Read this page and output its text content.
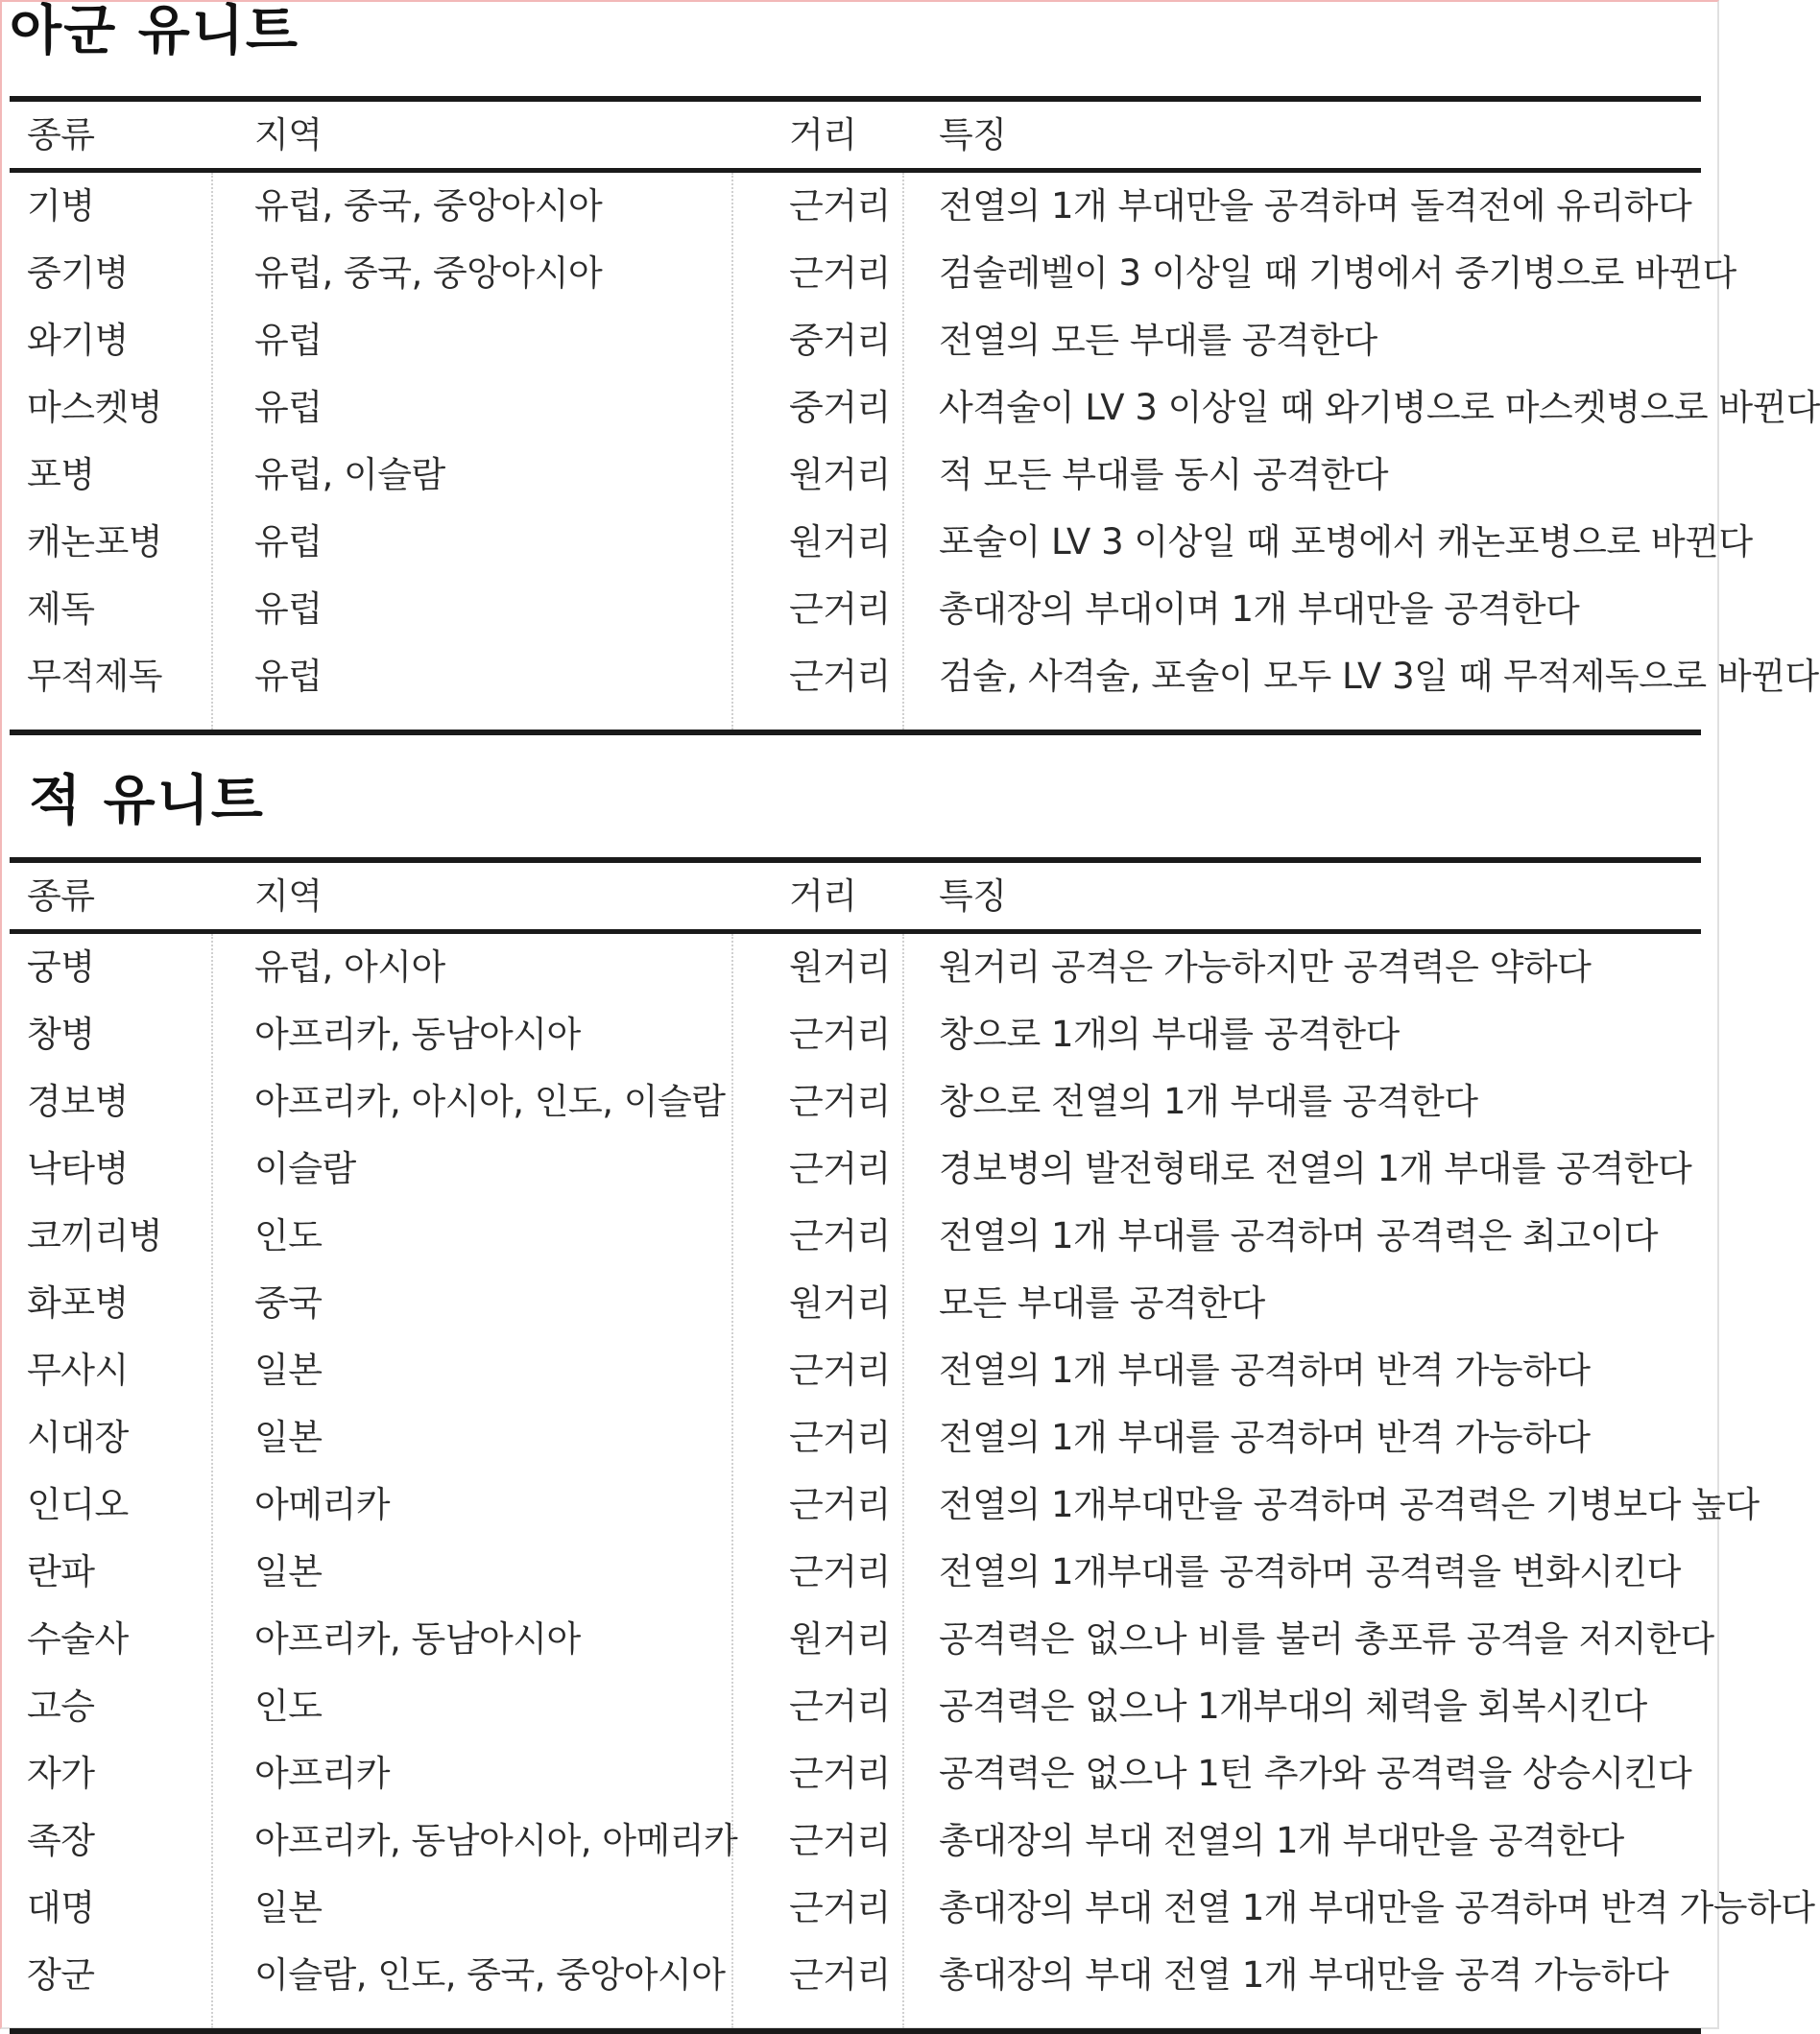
아군 유니트
종류	지역	거리 특징
기병	유럽, 중국, 중앙아시아	근거리 전열의 1개 부대만을 공격하며 돌격전에 유리하다
중기병	유럽, 중국, 중앙아시아	근거리 검술레벨이 3 이상일 때 기병에서 중기병으로 바뀐다
와기병	유럽	중거리 전열의 모든 부대를 공격한다
마스켓병	유럽	중거리 사격술이 LV 3 이상일 때 와기병으로 마스켓병으로 바뀐다
포병	유럽, 이슬람	원거리 적 모든 부대를 동시 공격한다
캐논포병	유럽	원거리 포술이 LV 3 이상일 때 포병에서 캐논포병으로 바뀐다
제독	유럽	근거리 총대장의 부대이며 1개 부대만을 공격한다
무적제독	유럽	근거리 검술, 사격술, 포술이 모두 LV 3일 때 무적제독으로 바뀐다
적 유니트
종류	지역	거리 특징
궁병	유럽, 아시아	원거리 원거리 공격은 가능하지만 공격력은 약하다
창병	아프리카, 동남아시아	근거리 창으로 1개의 부대를 공격한다
경보병	아프리카, 아시아, 인도, 이슬람 근거리 창으로 전열의 1개 부대를 공격한다
낙타병	이슬람	근거리 경보병의 발전형태로 전열의 1개 부대를 공격한다
코끼리병	인도	근거리 전열의 1개 부대를 공격하며 공격력은 최고이다
화포병	중국	원거리 모든 부대를 공격한다
무사시	일본	근거리 전열의 1개 부대를 공격하며 반격 가능하다
시대장	일본	근거리 전열의 1개 부대를 공격하며 반격 가능하다
인디오	아메리카	근거리 전열의 1개부대만을 공격하며 공격력은 기병보다 높다
란파	일본	근거리 전열의 1개부대를 공격하며 공격력을 변화시킨다
수술사	아프리카, 동남아시아	원거리 공격력은 없으나 비를 불러 총포류 공격을 저지한다
고승	인도	근거리 공격력은 없으나 1개부대의 체력을 회복시킨다
자가	아프리카	근거리 공격력은 없으나 1턴 추가와 공격력을 상승시킨다
족장	아프리카, 동남아시아, 아메리카 근거리 총대장의 부대 전열의 1개 부대만을 공격한다
대명	일본	근거리 총대장의 부대 전열 1개 부대만을 공격하며 반격 가능하다
장군	이슬람, 인도, 중국, 중앙아시아 근거리 총대장의 부대 전열 1개 부대만을 공격 가능하다
